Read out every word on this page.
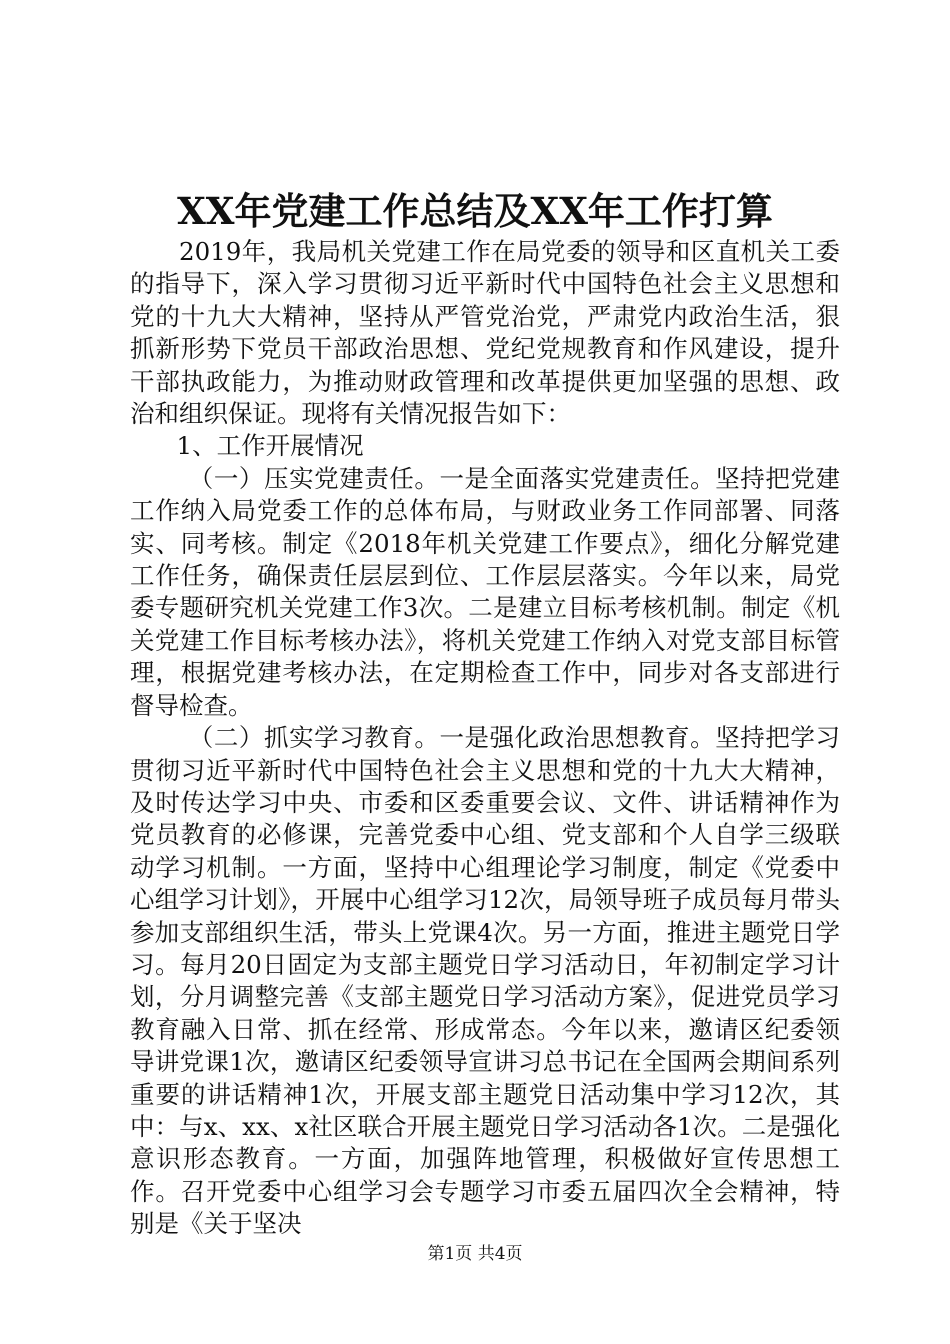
XX年党建工作总结及XX年工作打算

2019年，我局机关党建工作在局党委的领导和区直机关工委的指导下，深入学习贯彻习近平新时代中国特色社会主义思想和党的十九大大精神，坚持从严管党治党，严肃党内政治生活，狠抓新形势下党员干部政治思想、党纪党规教育和作风建设，提升干部执政能力，为推动财政管理和改革提供更加坚强的思想、政治和组织保证。现将有关情况报告如下：

1、工作开展情况

（一）压实党建责任。一是全面落实党建责任。坚持把党建工作纳入局党委工作的总体布局，与财政业务工作同部署、同落实、同考核。制定《2018年机关党建工作要点》，细化分解党建工作任务，确保责任层层到位、工作层层落实。今年以来，局党委专题研究机关党建工作3次。二是建立目标考核机制。制定《机关党建工作目标考核办法》，将机关党建工作纳入对党支部目标管理，根据党建考核办法，在定期检查工作中，同步对各支部进行督导检查。

（二）抓实学习教育。一是强化政治思想教育。坚持把学习贯彻习近平新时代中国特色社会主义思想和党的十九大大精神，及时传达学习中央、市委和区委重要会议、文件、讲话精神作为党员教育的必修课，完善党委中心组、党支部和个人自学三级联动学习机制。一方面，坚持中心组理论学习制度，制定《党委中心组学习计划》，开展中心组学习12次，局领导班子成员每月带头参加支部组织生活，带头上党课4次。另一方面，推进主题党日学习。每月20日固定为支部主题党日学习活动日，年初制定学习计划，分月调整完善《支部主题党日学习活动方案》，促进党员学习教育融入日常、抓在经常、形成常态。今年以来，邀请区纪委领导讲党课1次，邀请区纪委领导宣讲习总书记在全国两会期间系列重要的讲话精神1次，开展支部主题党日活动集中学习12次，其中：与x、xx、x社区联合开展主题党日学习活动各1次。二是强化意识形态教育。一方面，加强阵地管理，积极做好宣传思想工作。召开党委中心组学习会专题学习市委五届四次全会精神，特别是《关于坚决

第1页 共4页
